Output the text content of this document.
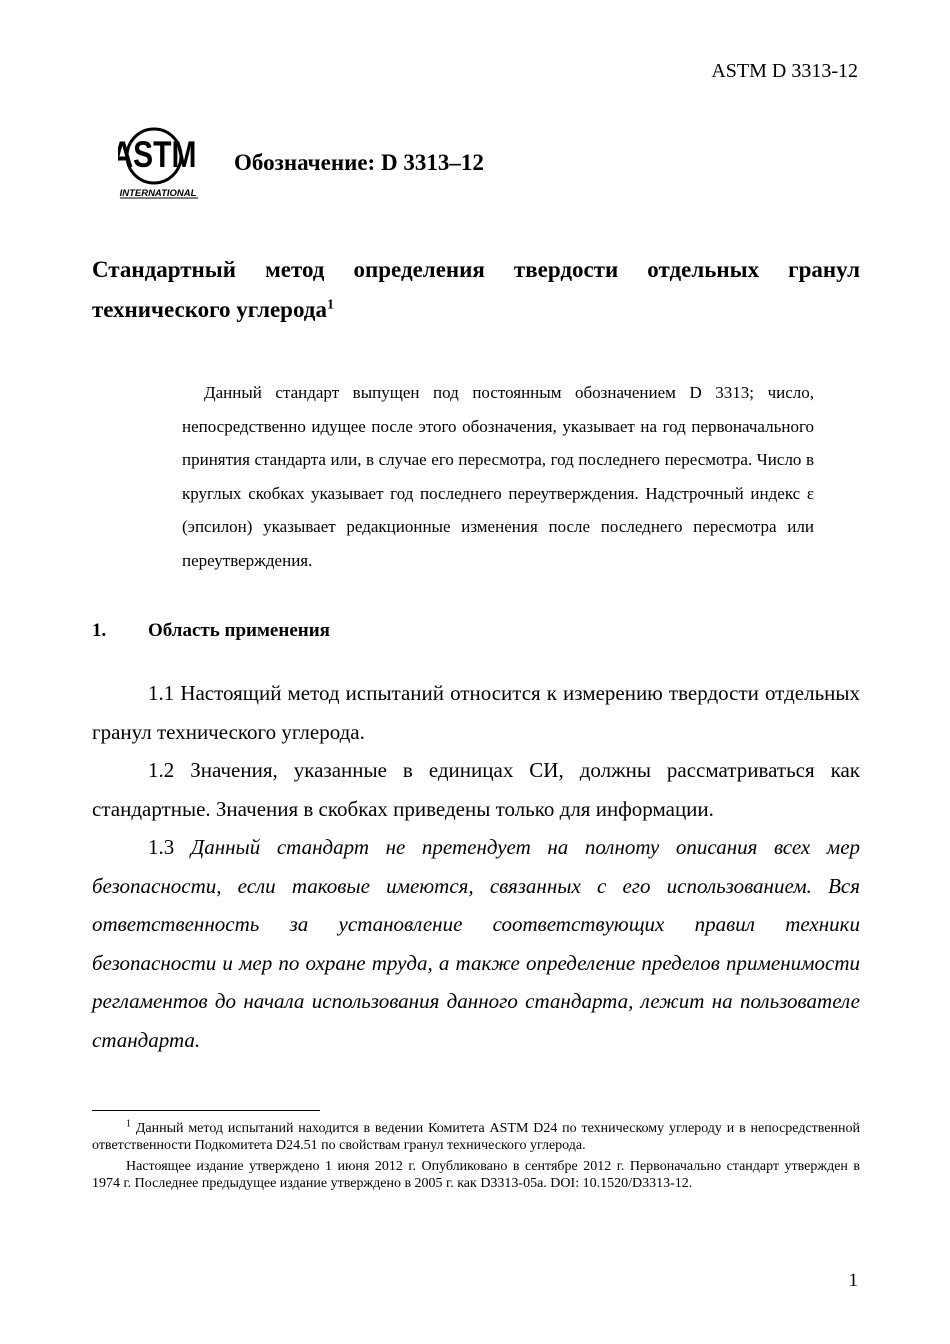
ASTM D 3313-12
ASTM
INTERNATIONAL
Обозначение: D 3313–12
Стандартный метод определения твердости отдельных гранул технического углерода$^1$
Данный стандарт выпущен под постоянным обозначением D 3313; число, непосредственно идущее после этого обозначения, указывает на год первоначального принятия стандарта или, в случае его пересмотра, год последнего пересмотра. Число в круглых скобках указывает год последнего переутверждения. Надстрочный индекс ε (эпсилон) указывает редакционные изменения после последнего пересмотра или переутверждения.
1. Область применения
1.1 Настоящий метод испытаний относится к измерению твердости отдельных гранул технического углерода.
1.2 Значения, указанные в единицах СИ, должны рассматриваться как стандартные. Значения в скобках приведены только для информации.
1.3 Данный стандарт не претендует на полноту описания всех мер безопасности, если таковые имеются, связанных с его использованием. Вся ответственность за установление соответствующих правил техники безопасности и мер по охране труда, а также определение пределов применимости регламентов до начала использования данного стандарта, лежит на пользователе стандарта.

$^1$ Данный метод испытаний находится в ведении Комитета ASTM D24 по техническому углероду и в непосредственной ответственности Подкомитета D24.51 по свойствам гранул технического углерода.

Настоящее издание утверждено 1 июня 2012 г. Опубликовано в сентябре 2012 г. Первоначально стандарт утвержден в 1974 г. Последнее предыдущее издание утверждено в 2005 г. как D3313-05a. DOI: 10.1520/D3313-12.

1
